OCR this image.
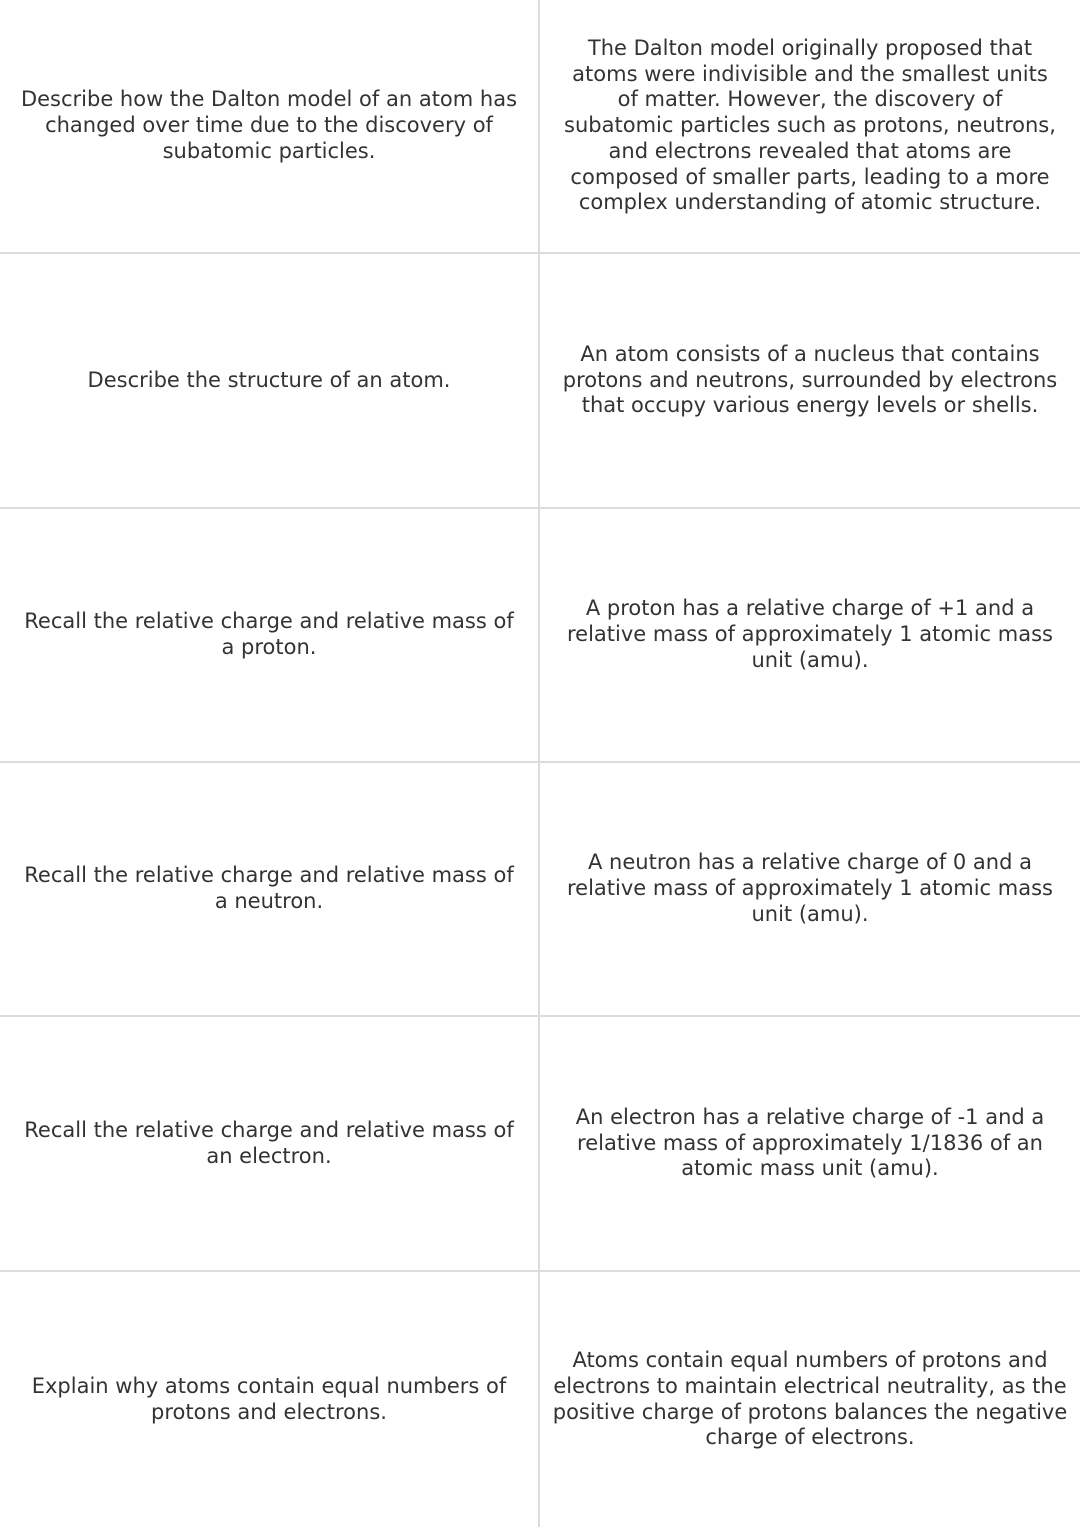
Describe how the Dalton model of an atom has changed over time due to the discovery of subatomic particles.
The Dalton model originally proposed that atoms were indivisible and the smallest units of matter. However, the discovery of subatomic particles such as protons, neutrons, and electrons revealed that atoms are composed of smaller parts, leading to a more complex understanding of atomic structure.
Describe the structure of an atom.
An atom consists of a nucleus that contains protons and neutrons, surrounded by electrons that occupy various energy levels or shells.
Recall the relative charge and relative mass of a proton.
A proton has a relative charge of +1 and a relative mass of approximately 1 atomic mass unit (amu).
Recall the relative charge and relative mass of a neutron.
A neutron has a relative charge of 0 and a relative mass of approximately 1 atomic mass unit (amu).
Recall the relative charge and relative mass of an electron.
An electron has a relative charge of -1 and a relative mass of approximately 1/1836 of an atomic mass unit (amu).
Explain why atoms contain equal numbers of protons and electrons.
Atoms contain equal numbers of protons and electrons to maintain electrical neutrality, as the positive charge of protons balances the negative charge of electrons.
